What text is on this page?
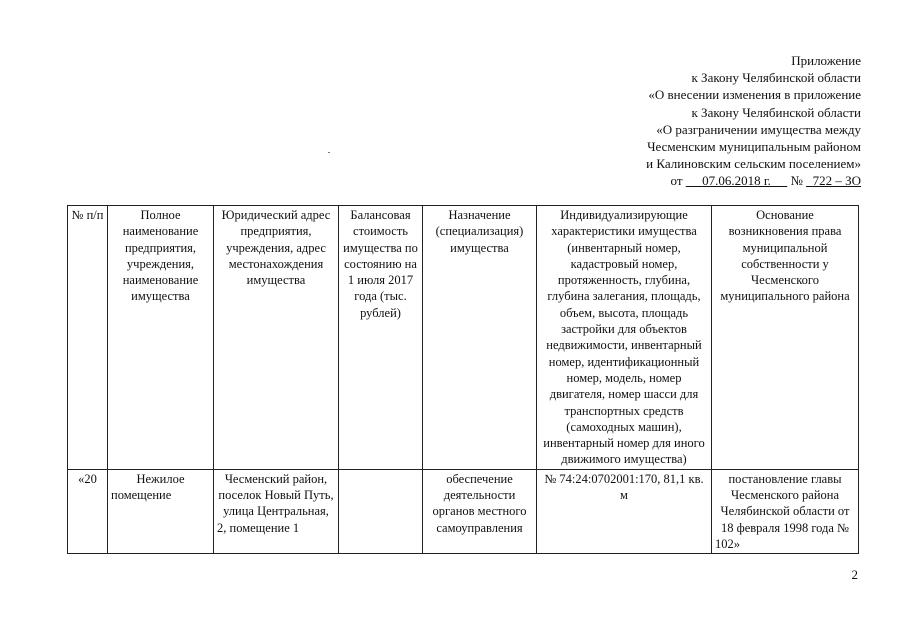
Приложение
к Закону Челябинской области
«О внесении изменения в приложение
к Закону Челябинской области
«О разграничении имущества между
Чесменским муниципальным районом
и Калиновским сельским поселением»
от 07.06.2018 г. № 722 – ЗО
№ п/п	Полное наименование предприятия, учреждения, наименование имущества	Юридический адрес предприятия, учреждения, адрес местонахождения имущества	Балансовая стоимость имущества по состоянию на 1 июля 2017 года (тыс. рублей)	Назначение (специализация) имущества	Индивидуализирующие характеристики имущества (инвентарный номер, кадастровый номер, протяженность, глубина, глубина залегания, площадь, объем, высота, площадь застройки для объектов недвижимости, инвентарный номер, идентификационный номер, модель, номер двигателя, номер шасси для транспортных средств (самоходных машин), инвентарный номер для иного движимого имущества)	Основание возникновения права муниципальной собственности у Чесменского муниципального района
«20	Нежилое помещение	Чесменский район, поселок Новый Путь, улица Центральная, 2, помещение 1		обеспечение деятельности органов местного самоуправления	№ 74:24:0702001:170, 81,1 кв. м	постановление главы Чесменского района Челябинской области от 18 февраля 1998 года № 102»
2
